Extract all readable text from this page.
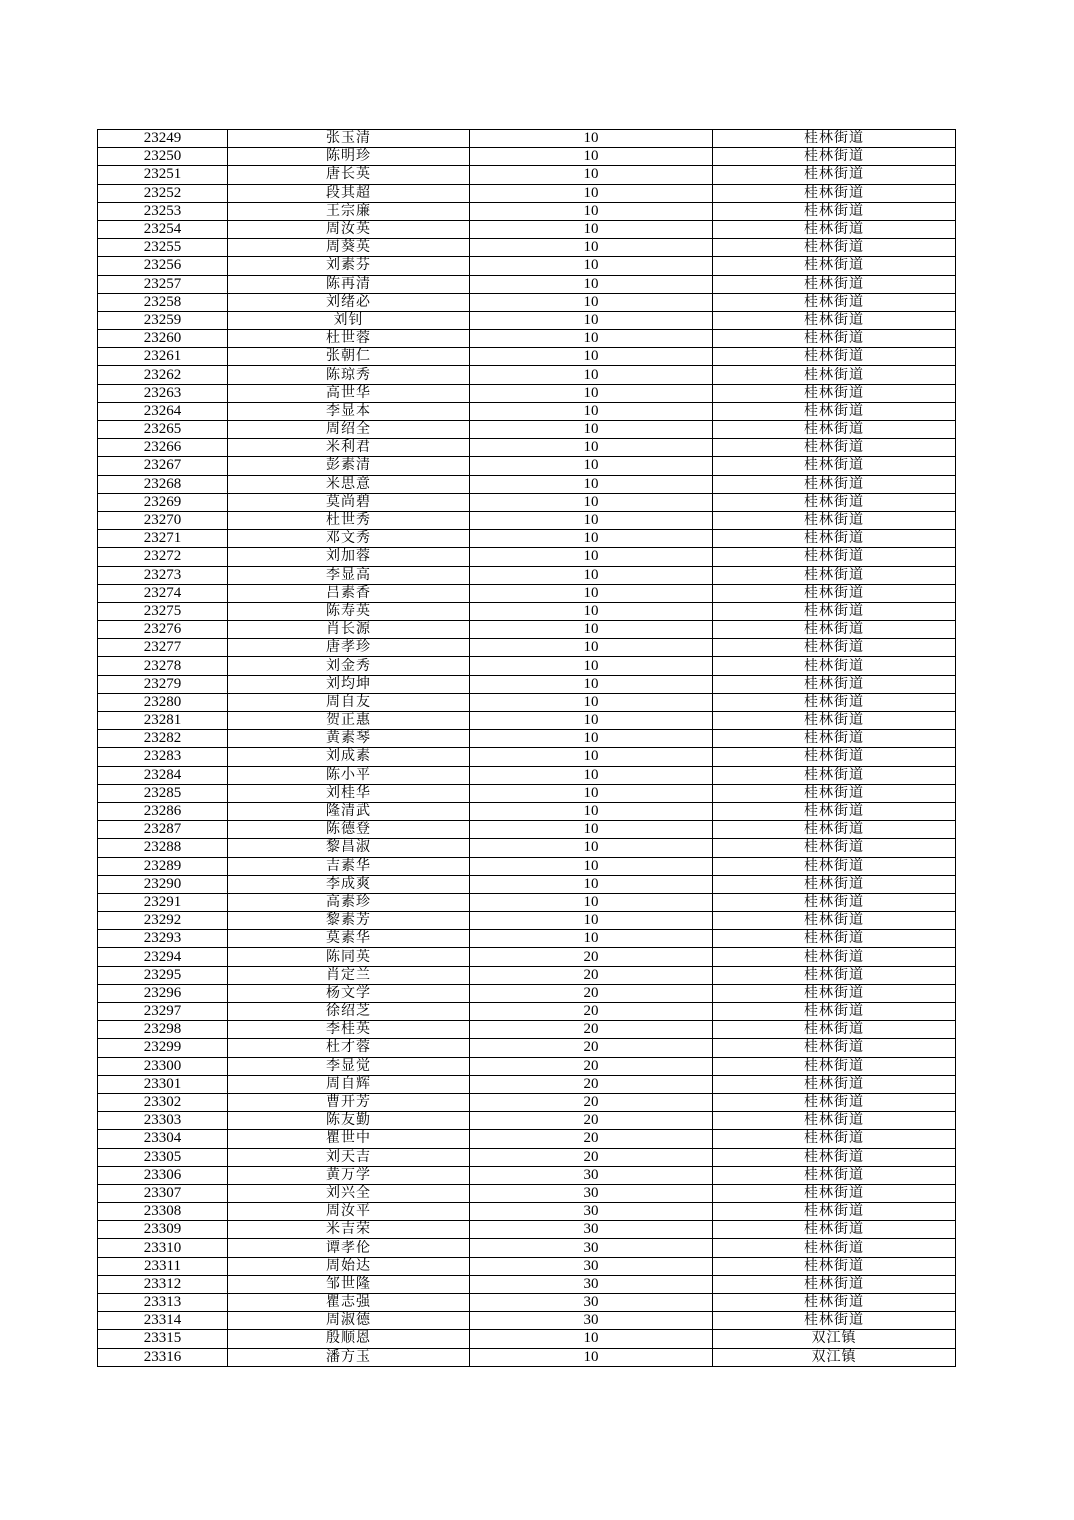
23249	张玉清	10	桂林街道
23250	陈明珍	10	桂林街道
23251	唐长英	10	桂林街道
23252	段其超	10	桂林街道
23253	王宗廉	10	桂林街道
23254	周汝英	10	桂林街道
23255	周葵英	10	桂林街道
23256	刘素芬	10	桂林街道
23257	陈再清	10	桂林街道
23258	刘绪必	10	桂林街道
23259	刘钊	10	桂林街道
23260	杜世蓉	10	桂林街道
23261	张朝仁	10	桂林街道
23262	陈琼秀	10	桂林街道
23263	高世华	10	桂林街道
23264	李显本	10	桂林街道
23265	周绍全	10	桂林街道
23266	米利君	10	桂林街道
23267	彭素清	10	桂林街道
23268	米思意	10	桂林街道
23269	莫尚碧	10	桂林街道
23270	杜世秀	10	桂林街道
23271	邓文秀	10	桂林街道
23272	刘加蓉	10	桂林街道
23273	李显高	10	桂林街道
23274	吕素香	10	桂林街道
23275	陈寿英	10	桂林街道
23276	肖长源	10	桂林街道
23277	唐孝珍	10	桂林街道
23278	刘金秀	10	桂林街道
23279	刘均坤	10	桂林街道
23280	周自友	10	桂林街道
23281	贺正惠	10	桂林街道
23282	黄素琴	10	桂林街道
23283	刘成素	10	桂林街道
23284	陈小平	10	桂林街道
23285	刘桂华	10	桂林街道
23286	隆清武	10	桂林街道
23287	陈德登	10	桂林街道
23288	黎昌淑	10	桂林街道
23289	吉素华	10	桂林街道
23290	李成爽	10	桂林街道
23291	高素珍	10	桂林街道
23292	黎素芳	10	桂林街道
23293	莫素华	10	桂林街道
23294	陈同英	20	桂林街道
23295	肖定兰	20	桂林街道
23296	杨文学	20	桂林街道
23297	徐绍芝	20	桂林街道
23298	李桂英	20	桂林街道
23299	杜才蓉	20	桂林街道
23300	李显觉	20	桂林街道
23301	周自辉	20	桂林街道
23302	曹开芳	20	桂林街道
23303	陈友勤	20	桂林街道
23304	瞿世中	20	桂林街道
23305	刘天吉	20	桂林街道
23306	黄万学	30	桂林街道
23307	刘兴全	30	桂林街道
23308	周汝平	30	桂林街道
23309	米吉荣	30	桂林街道
23310	谭孝伦	30	桂林街道
23311	周始达	30	桂林街道
23312	邹世隆	30	桂林街道
23313	瞿志强	30	桂林街道
23314	周淑德	30	桂林街道
23315	殷顺恩	10	双江镇
23316	潘方玉	10	双江镇
